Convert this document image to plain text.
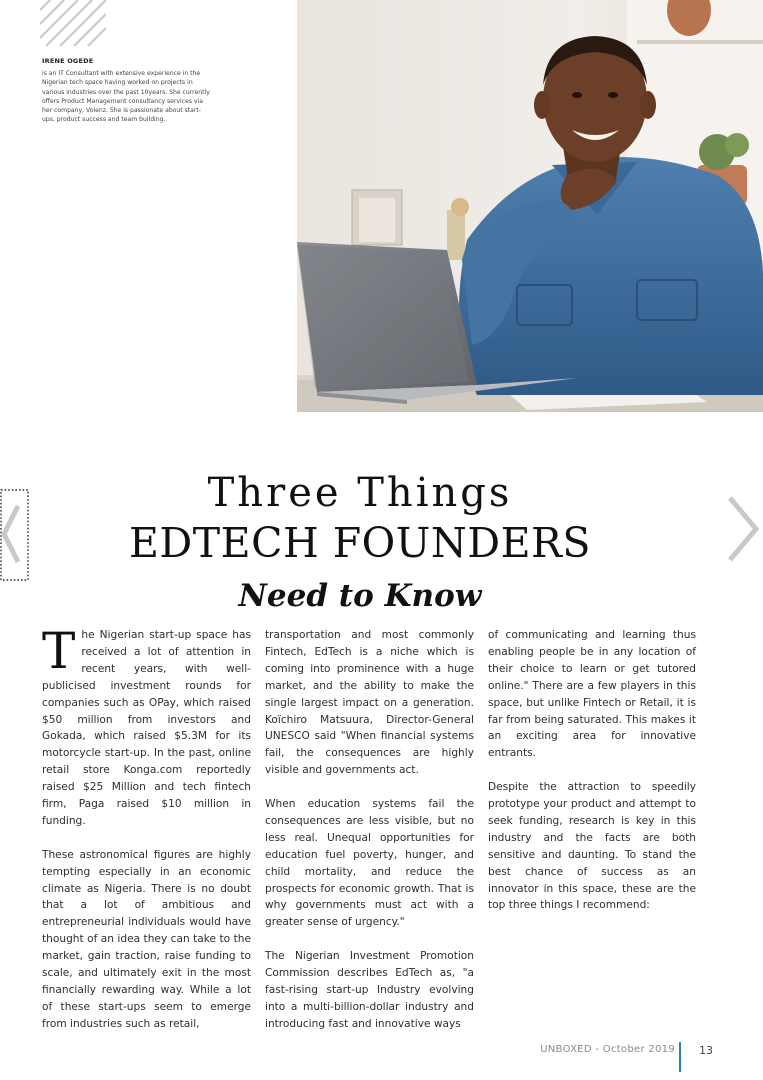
IRENE OGEDE

is an IT Consultant with extensive experience in the Nigerian tech space having worked on projects in various industries over the past 10years. She currently offers Product Management consultancy services via her company, Volenz. She is passionate about start-ups, product success and team building.

Three Things
EDTECH FOUNDERS
Need to Know

The Nigerian start-up space has received a lot of attention in recent years, with well-publicised investment rounds for companies such as OPay, which raised $50 million from investors and Gokada, which raised $5.3M for its motorcycle start-up. In the past, online retail store Konga.com reportedly raised $25 Million and tech fintech firm, Paga raised $10 million in funding.

These astronomical figures are highly tempting especially in an economic climate as Nigeria. There is no doubt that a lot of ambitious and entrepreneurial individuals would have thought of an idea they can take to the market, gain traction, raise funding to scale, and ultimately exit in the most financially rewarding way. While a lot of these start-ups seem to emerge from industries such as retail,

transportation and most commonly Fintech, EdTech is a niche which is coming into prominence with a huge market, and the ability to make the single largest impact on a generation. Koïchiro Matsuura, Director-General UNESCO said "When financial systems fail, the consequences are highly visible and governments act.

When education systems fail the consequences are less visible, but no less real. Unequal opportunities for education fuel poverty, hunger, and child mortality, and reduce the prospects for economic growth. That is why governments must act with a greater sense of urgency."

The Nigerian Investment Promotion Commission describes EdTech as, "a fast-rising start-up Industry evolving into a multi-billion-dollar industry and introducing fast and innovative ways

of communicating and learning thus enabling people be in any location of their choice to learn or get tutored online." There are a few players in this space, but unlike Fintech or Retail, it is far from being saturated. This makes it an exciting area for innovative entrants.

Despite the attraction to speedily prototype your product and attempt to seek funding, research is key in this industry and the facts are both sensitive and daunting. To stand the best chance of success as an innovator in this space, these are the top three things I recommend:

UNBOXED - October 2019 13
